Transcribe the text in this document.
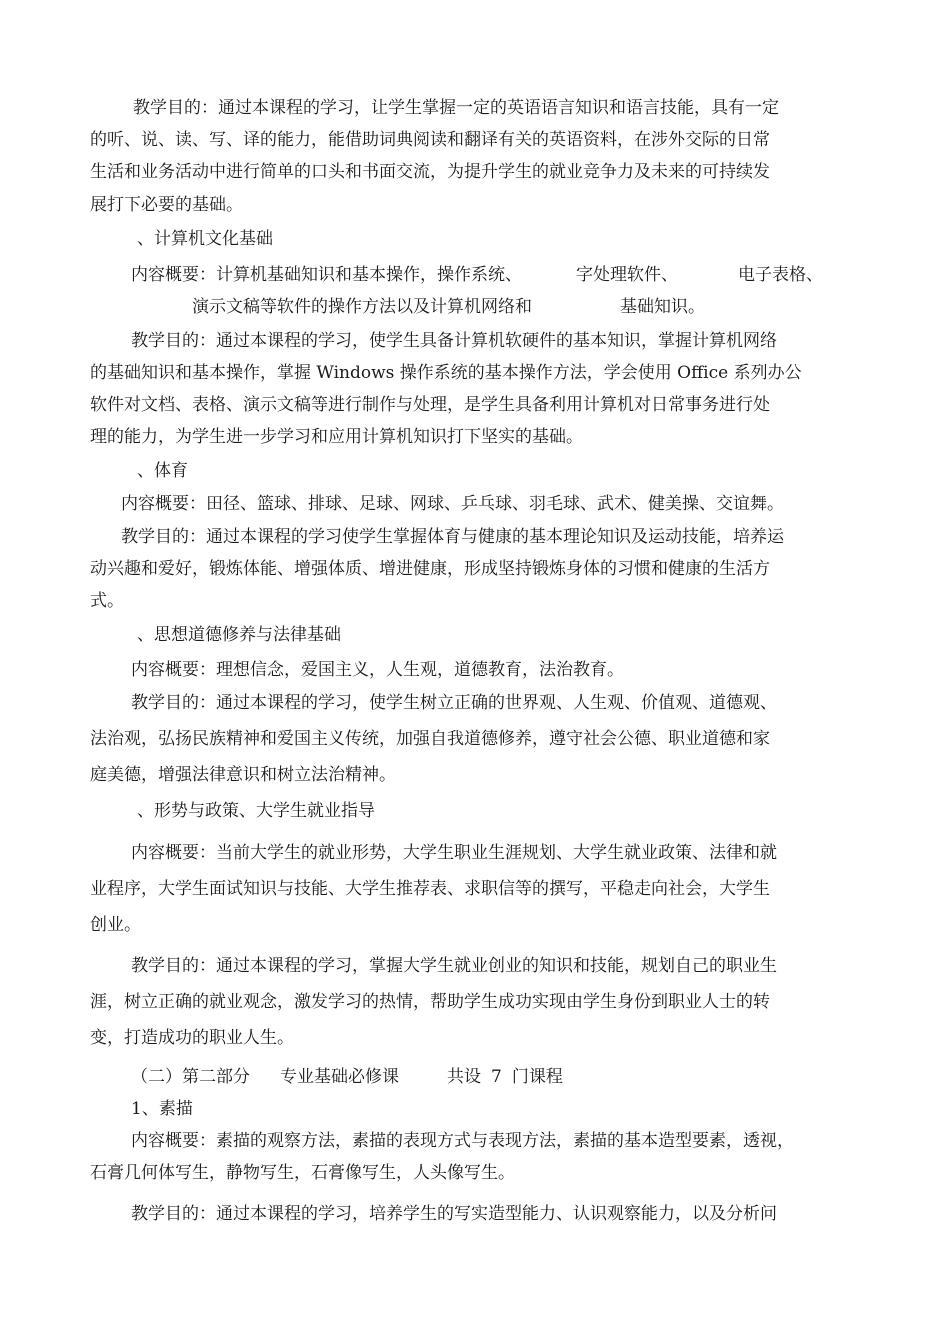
教学目的：通过本课程的学习，让学生掌握一定的英语语言知识和语言技能，具有一定
的听、说、读、写、译的能力，能借助词典阅读和翻译有关的英语资料，在涉外交际的日常
生活和业务活动中进行简单的口头和书面交流，为提升学生的就业竞争力及未来的可持续发
展打下必要的基础。
、计算机文化基础
内容概要：计算机基础知识和基本操作，操作系统、	字处理软件、	电子表格、
演示文稿等软件的操作方法以及计算机网络和	基础知识。
教学目的：通过本课程的学习，使学生具备计算机软硬件的基本知识，掌握计算机网络
的基础知识和基本操作，掌握 Windows 操作系统的基本操作方法，学会使用 Office 系列办公
软件对文档、表格、演示文稿等进行制作与处理，是学生具备利用计算机对日常事务进行处
理的能力，为学生进一步学习和应用计算机知识打下坚实的基础。
、体育
内容概要：田径、篮球、排球、足球、网球、乒乓球、羽毛球、武术、健美操、交谊舞。
教学目的：通过本课程的学习使学生掌握体育与健康的基本理论知识及运动技能，培养运
动兴趣和爱好，锻炼体能、增强体质、增进健康，形成坚持锻炼身体的习惯和健康的生活方
式。
、思想道德修养与法律基础
内容概要：理想信念，爱国主义，人生观，道德教育，法治教育。
教学目的：通过本课程的学习，使学生树立正确的世界观、人生观、价值观、道德观、
法治观，弘扬民族精神和爱国主义传统，加强自我道德修养，遵守社会公德、职业道德和家
庭美德，增强法律意识和树立法治精神。
、形势与政策、大学生就业指导
内容概要：当前大学生的就业形势，大学生职业生涯规划、大学生就业政策、法律和就
业程序，大学生面试知识与技能、大学生推荐表、求职信等的撰写，平稳走向社会，大学生
创业。
教学目的：通过本课程的学习，掌握大学生就业创业的知识和技能，规划自己的职业生
涯，树立正确的就业观念，激发学习的热情，帮助学生成功实现由学生身份到职业人士的转
变，打造成功的职业人生。
（二）第二部分 专业基础必修课	共设 7 门课程
1、素描
内容概要：素描的观察方法，素描的表现方式与表现方法，素描的基本造型要素，透视，
石膏几何体写生，静物写生，石膏像写生，人头像写生。
教学目的：通过本课程的学习，培养学生的写实造型能力、认识观察能力，以及分析问
